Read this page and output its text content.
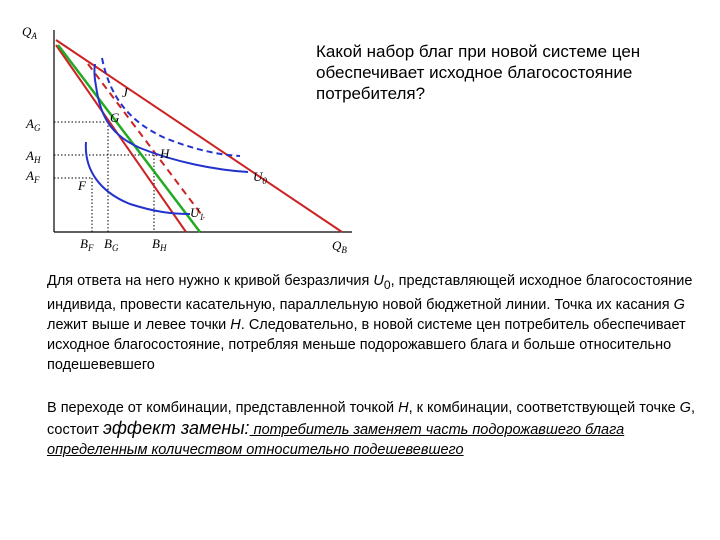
$Q_A$
$Q_B$
$A_G$
$A_H$
$A_F$
$B_F$ $B_G$	$B_H$
J
G
H
F
$U_0$
$U_1$

Какой набор благ при новой системе цен обеспечивает исходное благосостояние потребителя?

Для ответа на него нужно к кривой безразличия $U_0$, представляющей исходное благосостояние индивида, провести касательную, параллельную новой бюджетной линии. Точка их касания G лежит выше и левее точки H. Следовательно, в новой системе цен потребитель обеспечивает исходное благосостояние, потребляя меньше подорожавшего блага и больше относительно подешевевшего

В переходе от комбинации, представленной точкой H, к комбинации, соответствующей точке G, состоит эффект замены: потребитель заменяет часть подорожавшего блага определенным количеством относительно подешевевшего
